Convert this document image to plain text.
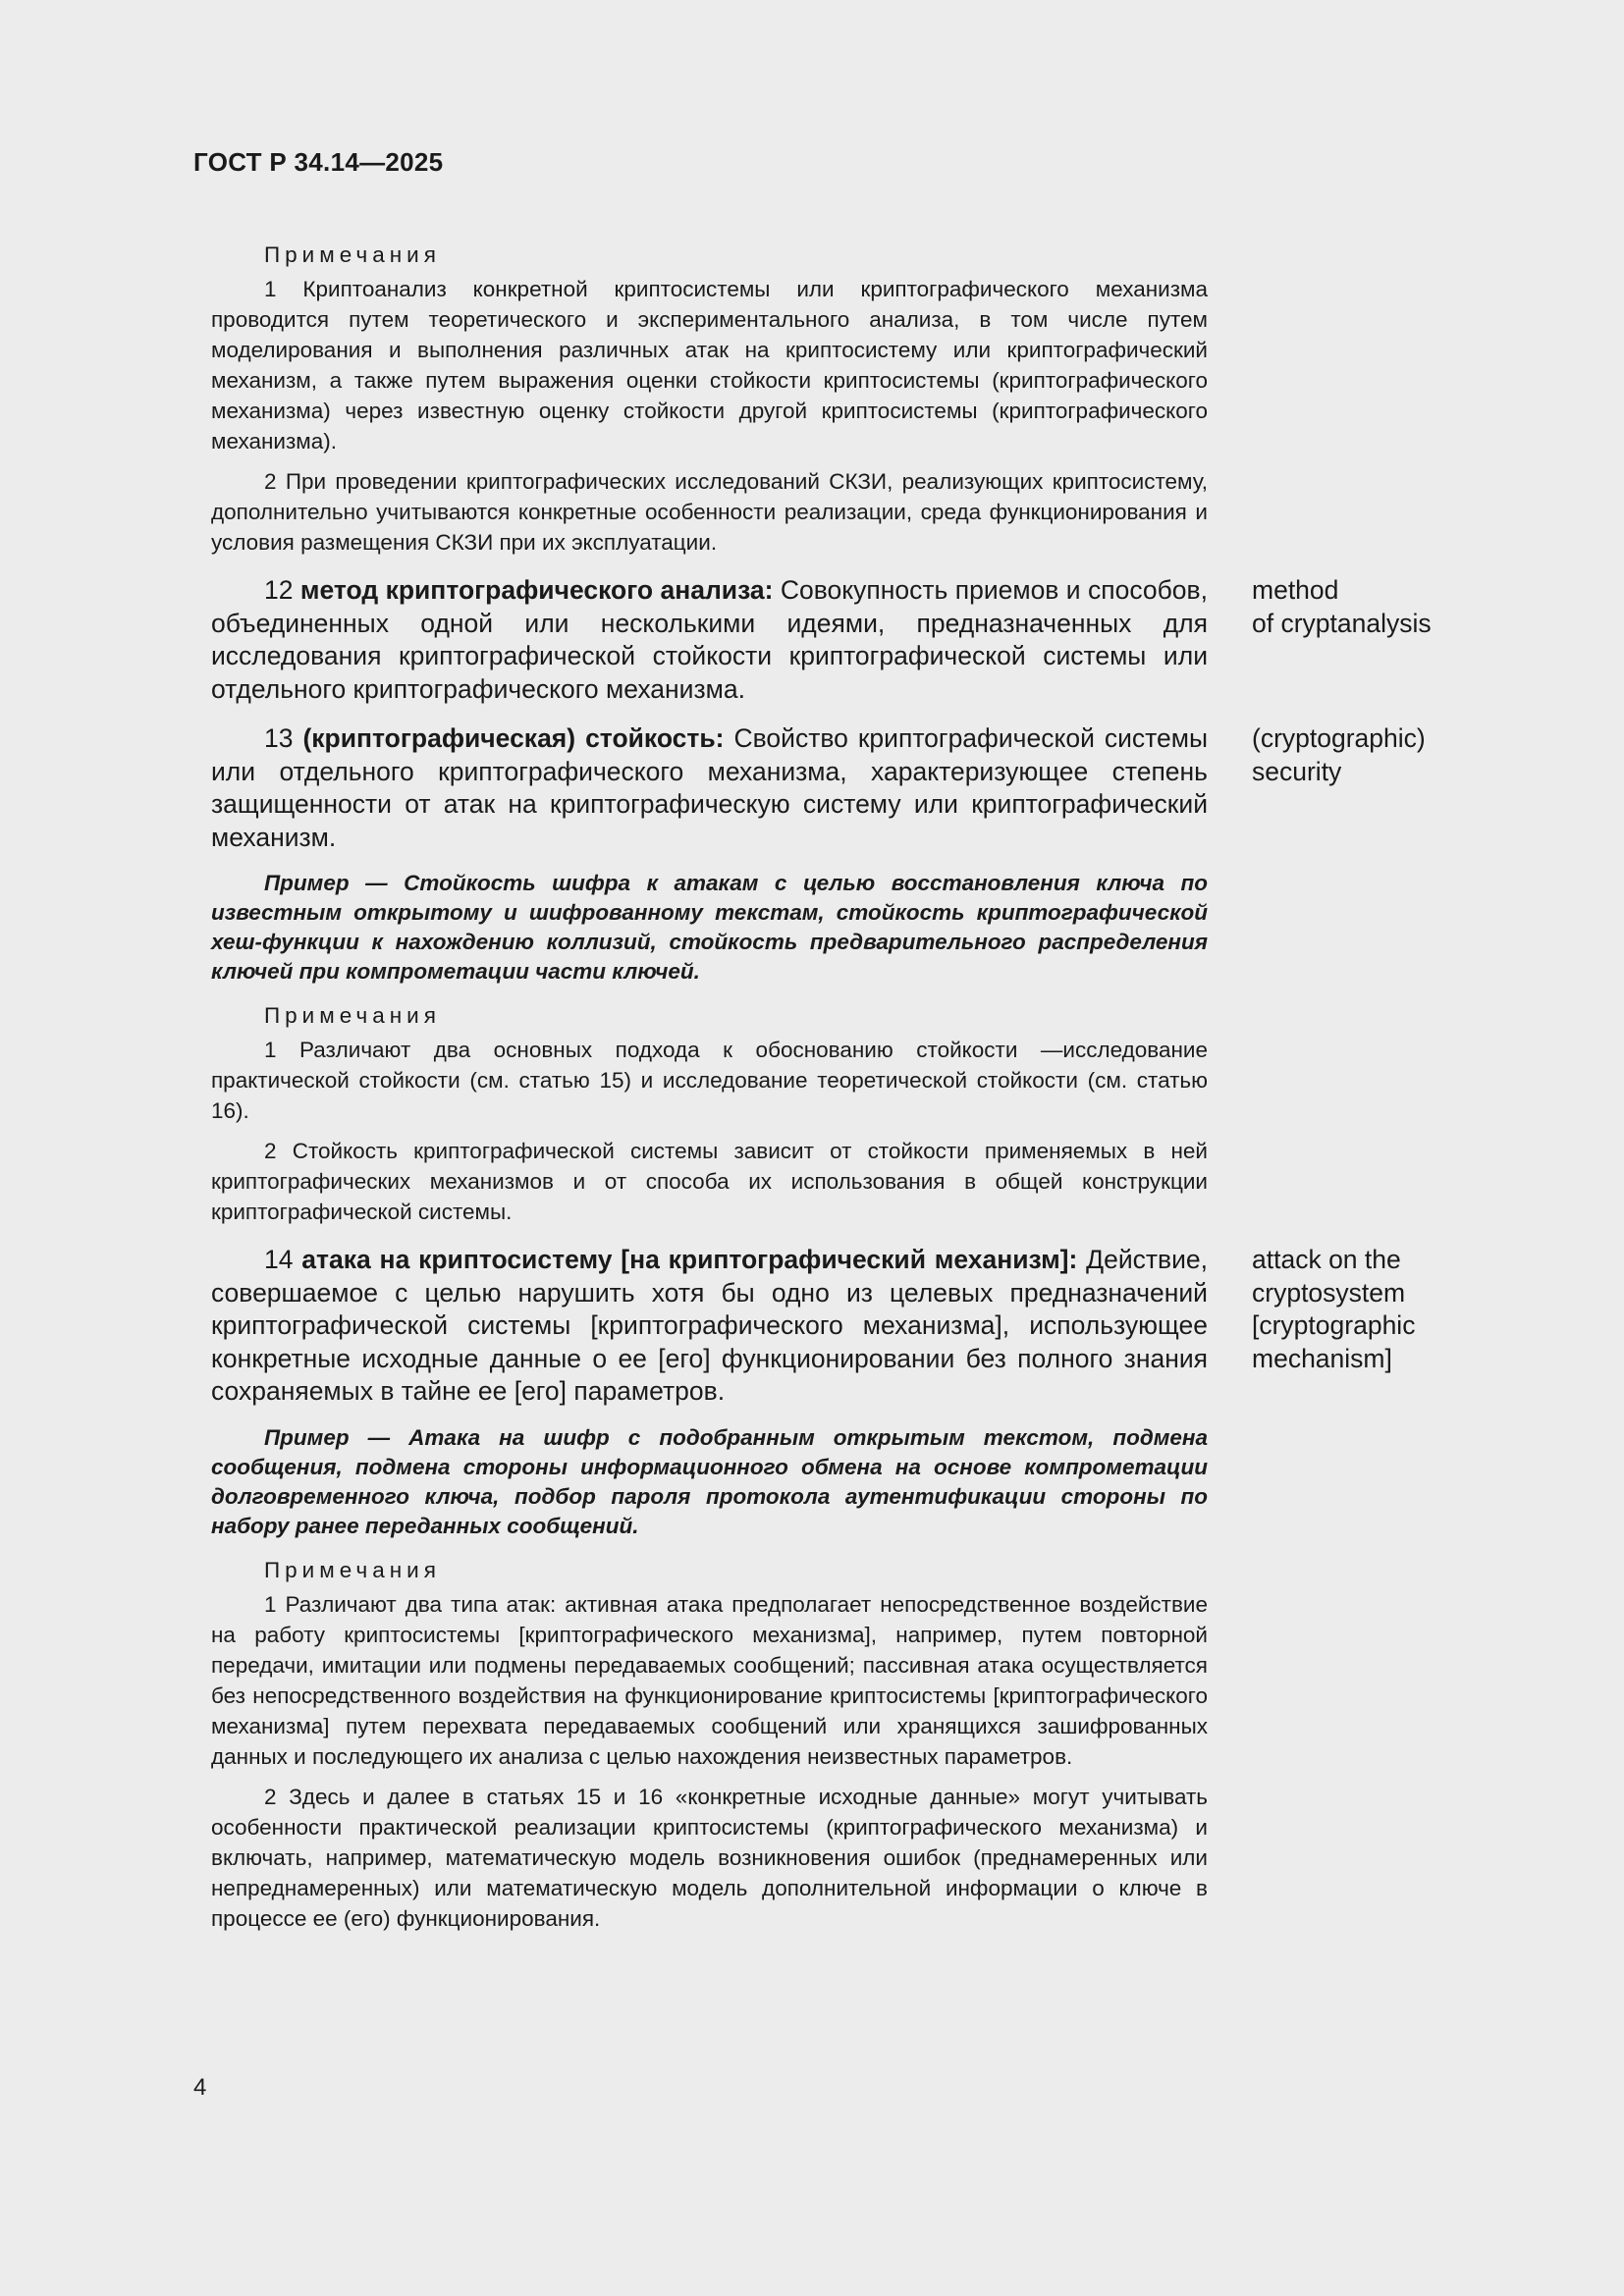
ГОСТ Р 34.14—2025
Примечания

1 Криптоанализ конкретной криптосистемы или криптографического механизма проводится путем теоретического и экспериментального анализа, в том числе путем моделирования и выполнения различных атак на криптосистему или криптографический механизм, а также путем выражения оценки стойкости криптосистемы (криптографического механизма) через известную оценку стойкости другой криптосистемы (криптографического механизма).

2 При проведении криптографических исследований СКЗИ, реализующих криптосистему, дополнительно учитываются конкретные особенности реализации, среда функционирования и условия размещения СКЗИ при их эксплуатации.

12 метод криптографического анализа: Совокупность приемов и способов, объединенных одной или несколькими идеями, предназначенных для исследования криптографической стойкости криптографической системы или отдельного криптографического механизма.

method
of cryptanalysis

13 (криптографическая) стойкость: Свойство криптографической системы или отдельного криптографического механизма, характеризующее степень защищенности от атак на криптографическую систему или криптографический механизм.

(cryptographic)
security

Пример — Стойкость шифра к атакам с целью восстановления ключа по известным открытому и шифрованному текстам, стойкость криптографической хеш-функции к нахождению коллизий, стойкость предварительного распределения ключей при компрометации части ключей.

Примечания

1 Различают два основных подхода к обоснованию стойкости —исследование практической стойкости (см. статью 15) и исследование теоретической стойкости (см. статью 16).

2 Стойкость криптографической системы зависит от стойкости применяемых в ней криптографических механизмов и от способа их использования в общей конструкции криптографической системы.

14 атака на криптосистему [на криптографический механизм]: Действие, совершаемое с целью нарушить хотя бы одно из целевых предназначений криптографической системы [криптографического механизма], использующее конкретные исходные данные о ее [его] функционировании без полного знания сохраняемых в тайне ее [его] параметров.

attack on the
cryptosystem
[cryptographic
mechanism]

Пример — Атака на шифр с подобранным открытым текстом, подмена сообщения, подмена стороны информационного обмена на основе компрометации долговременного ключа, подбор пароля протокола аутентификации стороны по набору ранее переданных сообщений.

Примечания

1 Различают два типа атак: активная атака предполагает непосредственное воздействие на работу криптосистемы [криптографического механизма], например, путем повторной передачи, имитации или подмены передаваемых сообщений; пассивная атака осуществляется без непосредственного воздействия на функционирование криптосистемы [криптографического механизма] путем перехвата передаваемых сообщений или хранящихся зашифрованных данных и последующего их анализа с целью нахождения неизвестных параметров.

2 Здесь и далее в статьях 15 и 16 «конкретные исходные данные» могут учитывать особенности практической реализации криптосистемы (криптографического механизма) и включать, например, математическую модель возникновения ошибок (преднамеренных или непреднамеренных) или математическую модель дополнительной информации о ключе в процессе ее (его) функционирования.

4
